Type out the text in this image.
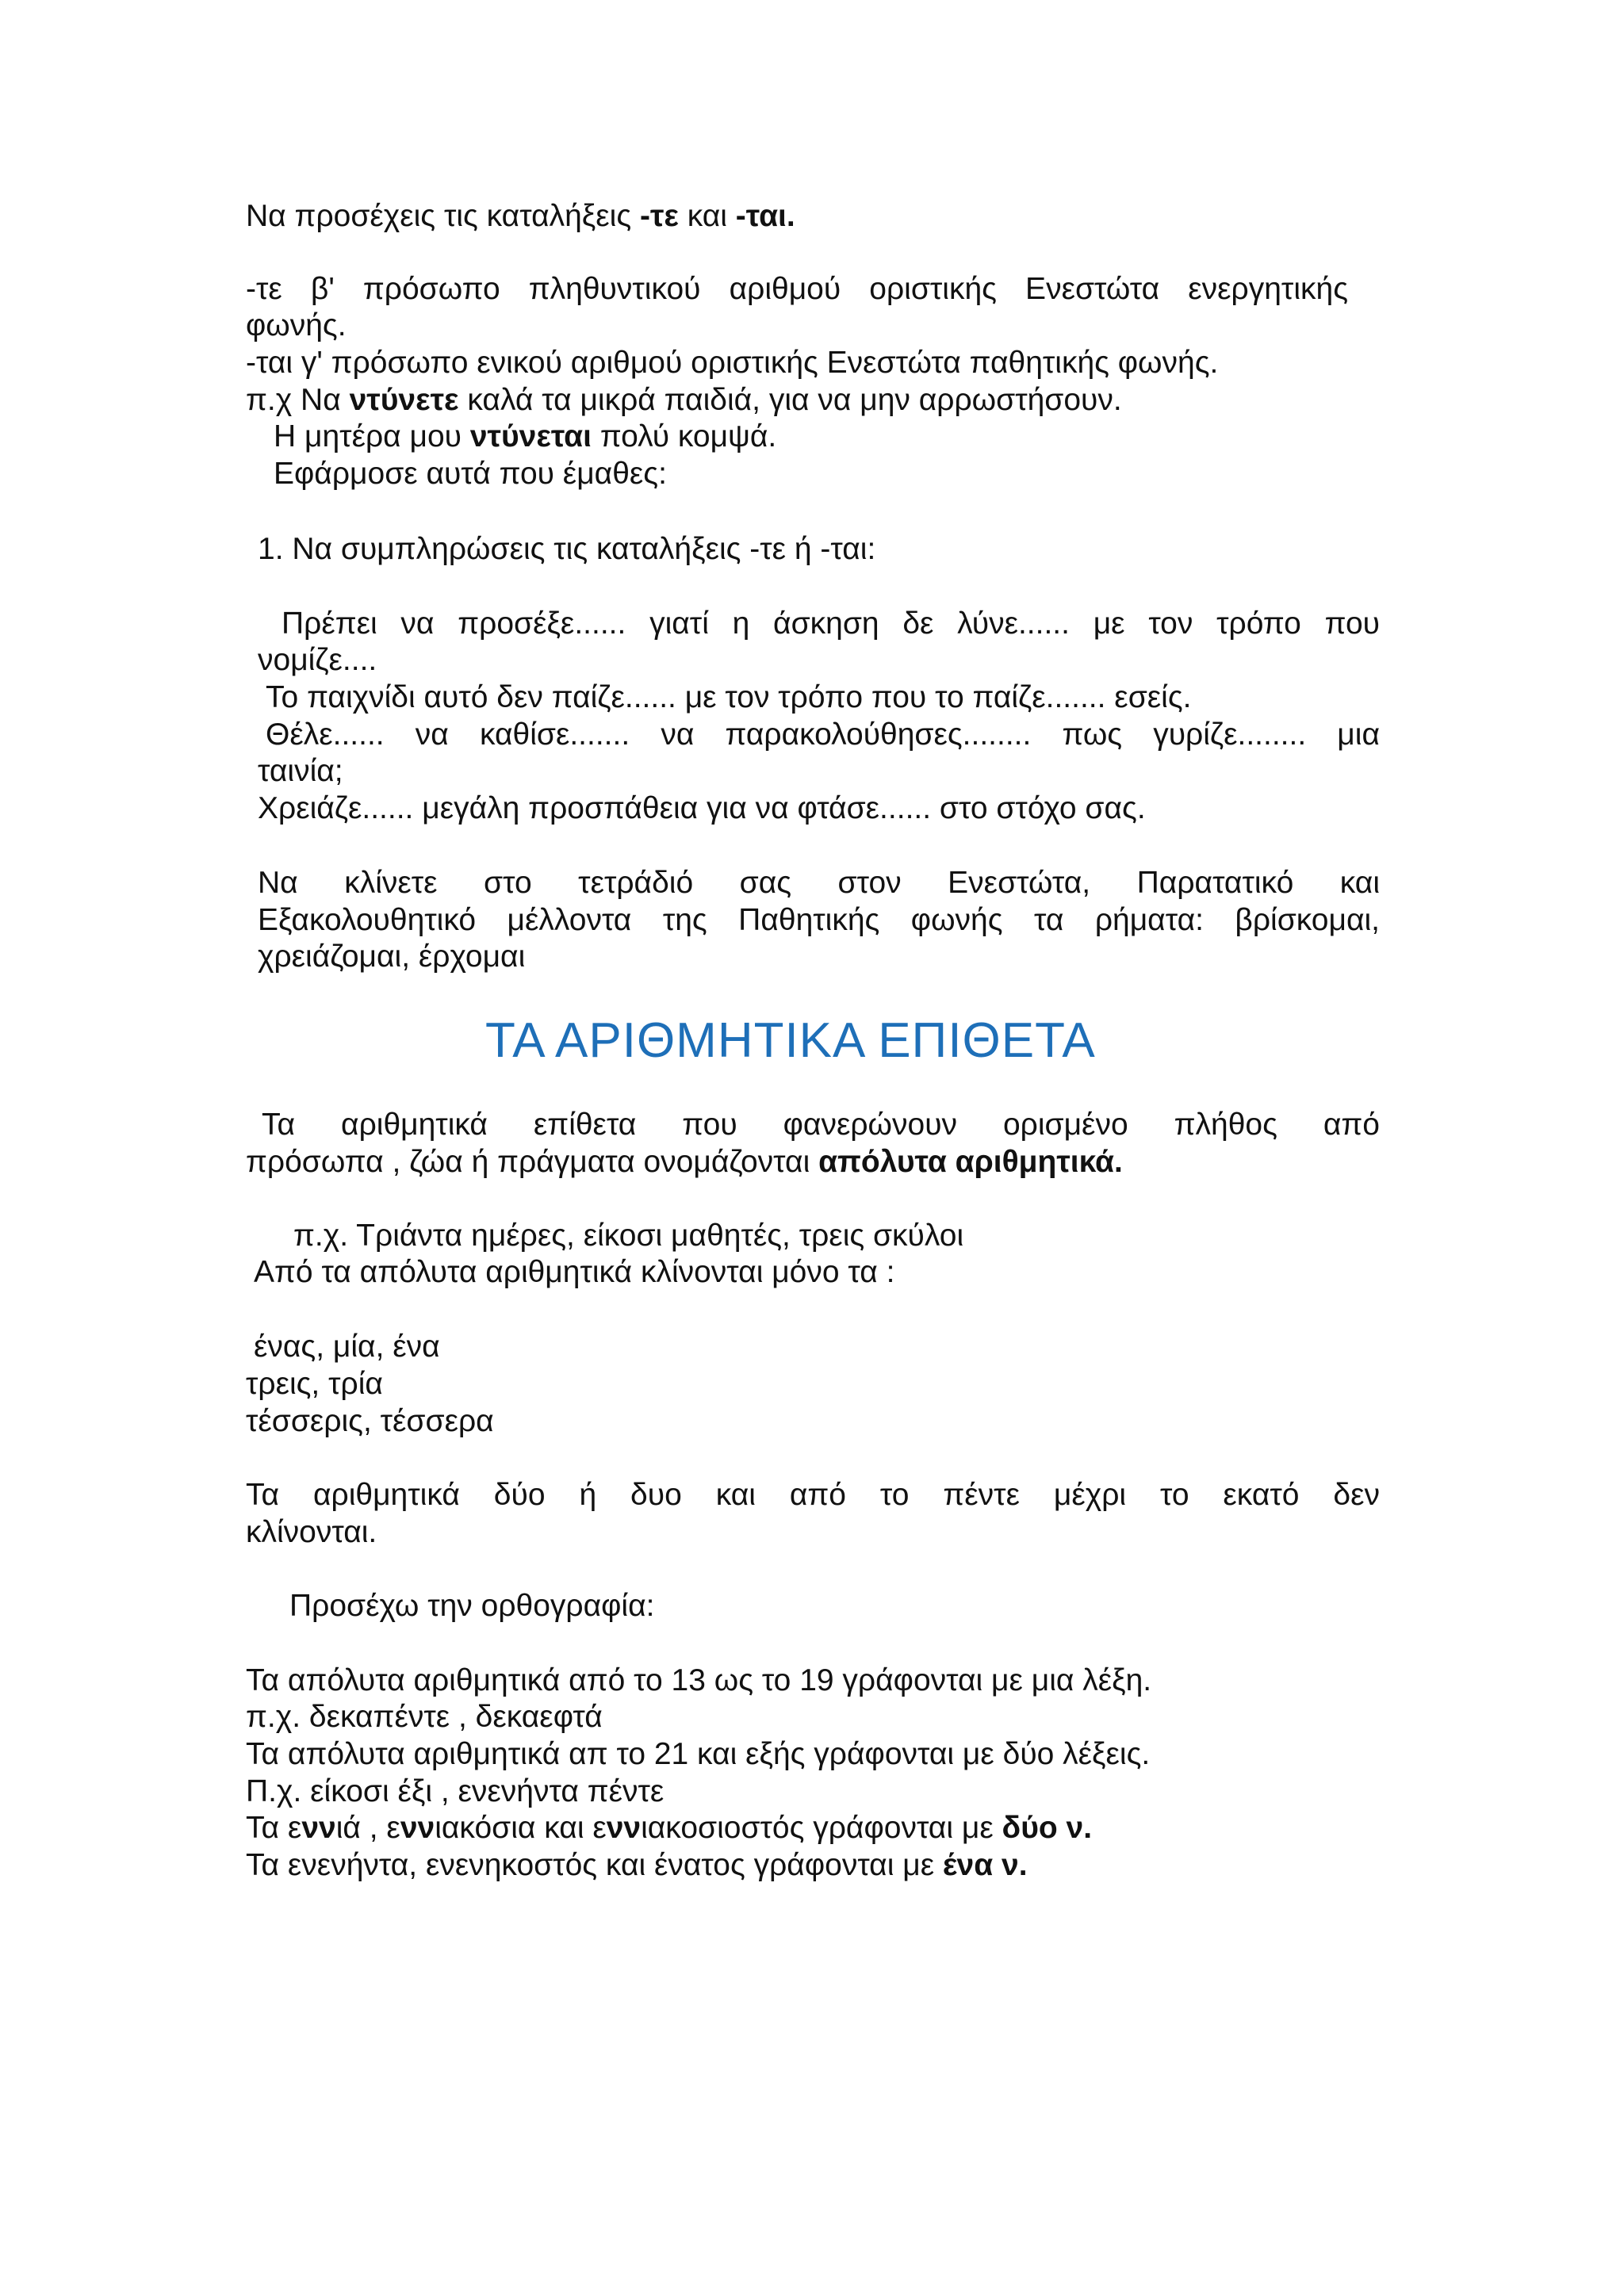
Να προσέχεις τις καταλήξεις -τε και -ται.
-τε β' πρόσωπο πληθυντικού αριθμού οριστικής Ενεστώτα ενεργητικής
φωνής.
-ται γ' πρόσωπο ενικού αριθμού οριστικής Ενεστώτα παθητικής φωνής.
π.χ Να ντύνετε καλά τα μικρά παιδιά, για να μην αρρωστήσουν.
Η μητέρα μου ντύνεται πολύ κομψά.
Εφάρμοσε αυτά που έμαθες:
1. Να συμπληρώσεις τις καταλήξεις -τε ή -ται:
Πρέπει να προσέξε...... γιατί η άσκηση δε λύνε...... με τον τρόπο που
νομίζε....
Το παιχνίδι αυτό δεν παίζε...... με τον τρόπο που το παίζε....... εσείς.
Θέλε...... να καθίσε....... να παρακολούθησες........ πως γυρίζε........ μια
ταινία;
Χρειάζε...... μεγάλη προσπάθεια για να φτάσε...... στο στόχο σας.
Να κλίνετε στο τετράδιό σας στον Ενεστώτα, Παρατατικό και
Εξακολουθητικό μέλλοντα της Παθητικής φωνής τα ρήματα: βρίσκομαι,
χρειάζομαι, έρχομαι
ΤΑ ΑΡΙΘΜΗΤΙΚΑ ΕΠΙΘΕΤΑ
Τα αριθμητικά επίθετα που φανερώνουν ορισμένο πλήθος από
πρόσωπα , ζώα ή πράγματα ονομάζονται απόλυτα αριθμητικά.
π.χ. Τριάντα ημέρες, είκοσι μαθητές, τρεις σκύλοι
Από τα απόλυτα αριθμητικά κλίνονται μόνο τα :
ένας, μία, ένα
τρεις, τρία
τέσσερις, τέσσερα
Τα αριθμητικά δύο ή δυο και από το πέντε μέχρι το εκατό δεν
κλίνονται.
Προσέχω την ορθογραφία:
Τα απόλυτα αριθμητικά από το 13 ως το 19 γράφονται με μια λέξη.
π.χ. δεκαπέντε , δεκαεφτά
Τα απόλυτα αριθμητικά απ το 21 και εξής γράφονται με δύο λέξεις.
Π.χ. είκοσι έξι , ενενήντα πέντε
Τα εννιά , εννιακόσια και εννιακοσιοστός γράφονται με δύο ν.
Τα ενενήντα, ενενηκοστός και ένατος γράφονται με ένα ν.
